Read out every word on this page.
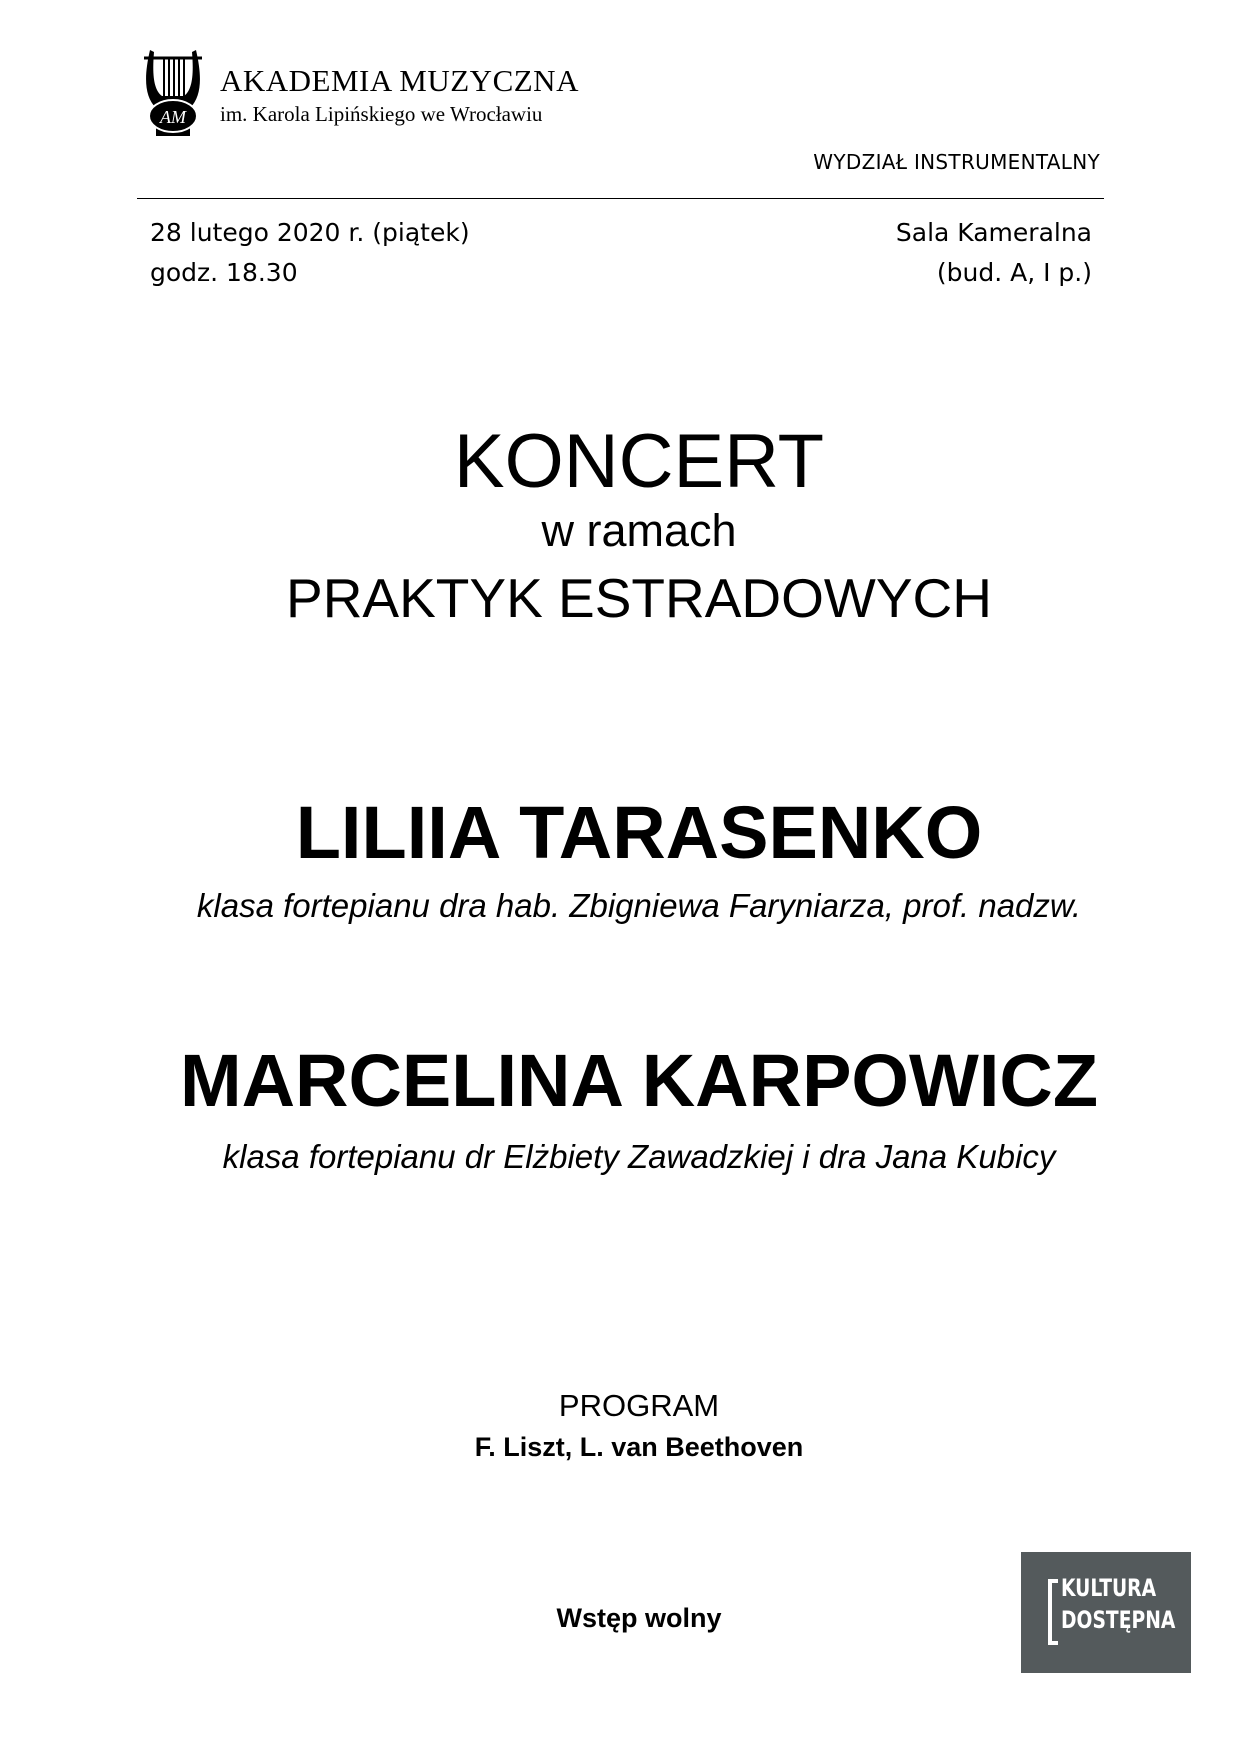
AM
AKADEMIA MUZYCZNA
im. Karola Lipińskiego we Wrocławiu
WYDZIAŁ INSTRUMENTALNY
28 lutego 2020 r. (piątek)
godz. 18.30
Sala Kameralna
(bud. A, I p.)
KONCERT
w ramach
PRAKTYK ESTRADOWYCH
LILIIA TARASENKO
klasa fortepianu dra hab. Zbigniewa Faryniarza, prof. nadzw.
MARCELINA KARPOWICZ
klasa fortepianu dr Elżbiety Zawadzkiej i dra Jana Kubicy
PROGRAM
F. Liszt, L. van Beethoven
Wstęp wolny
KULTURA
DOSTĘPNA
